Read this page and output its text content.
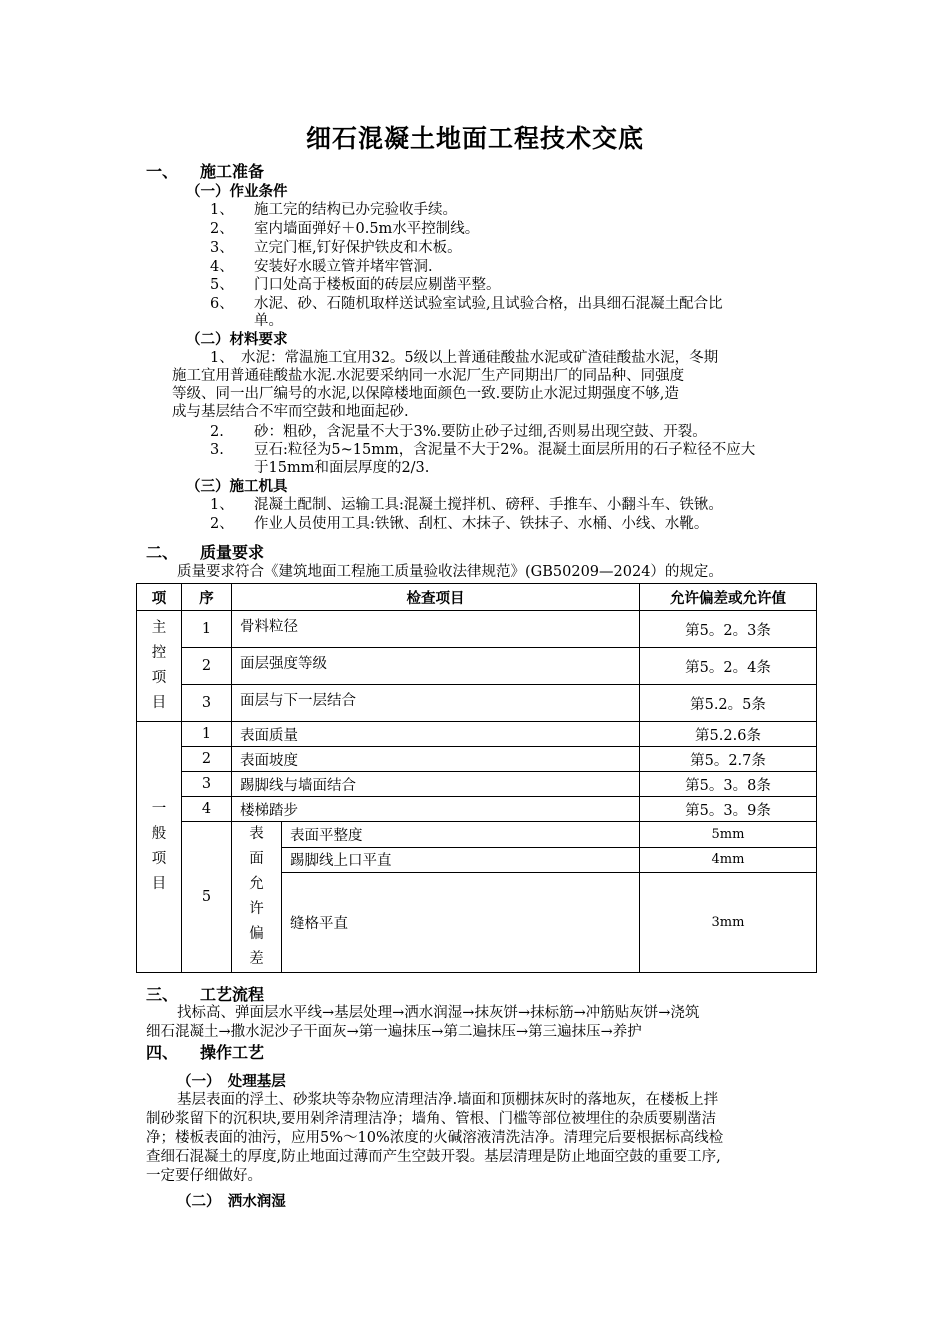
细石混凝土地面工程技术交底
一、 施工准备
（一）作业条件
1、 施工完的结构已办完验收手续。
2、 室内墙面弹好＋0.5m水平控制线。
3、 立完门框,钉好保护铁皮和木板。
4、 安装好水暖立管并堵牢管洞.
5、 门口处高于楼板面的砖层应剔凿平整。
6、 水泥、砂、石随机取样送试验室试验,且试验合格，出具细石混凝土配合比
单。
（二）材料要求
1、　水泥：常温施工宜用32。5级以上普通硅酸盐水泥或矿渣硅酸盐水泥，冬期
施工宜用普通硅酸盐水泥.水泥要采纳同一水泥厂生产同期出厂的同品种、同强度
等级、同一出厂编号的水泥,以保障楼地面颜色一致.要防止水泥过期强度不够,造
成与基层结合不牢而空鼓和地面起砂.
2. 砂：粗砂，含泥量不大于3%.要防止砂子过细,否则易出现空鼓、开裂。
3. 豆石:粒径为5~15mm，含泥量不大于2%。混凝土面层所用的石子粒径不应大
于15mm和面层厚度的2/3.
（三）施工机具
1、 混凝土配制、运输工具:混凝土搅拌机、磅秤、手推车、小翻斗车、铁锹。
2、 作业人员使用工具:铁锹、刮杠、木抹子、铁抹子、水桶、小线、水靴。
二、 质量要求
质量要求符合《建筑地面工程施工质量验收法律规范》(GB50209—2024）的规定。
项	序	检查项目		允许偏差或允许值

主控项目	1	骨料粒径		第5。2。3条
	2	面层强度等级		第5。2。4条
	3	面层与下一层结合		第5.2。5条

一般项目	1	表面质量		第5.2.6条
	2	表面坡度		第5。2.7条
	3	踢脚线与墙面结合		第5。3。8条
	4	楼梯踏步		第5。3。9条
	5	表面允许偏差	表面平整度	5mm
			踢脚线上口平直	4mm
			缝格平直	3mm
三、 工艺流程
找标高、弹面层水平线→基层处理→洒水润湿→抹灰饼→抹标筋→冲筋贴灰饼→浇筑
细石混凝土→撒水泥沙子干面灰→第一遍抹压→第二遍抹压→第三遍抹压→养护
四、 操作工艺
（一）　处理基层
基层表面的浮土、砂浆块等杂物应清理洁净.墙面和顶棚抹灰时的落地灰，在楼板上拌
制砂浆留下的沉积块,要用剁斧清理洁净；墙角、管根、门槛等部位被埋住的杂质要剔凿洁
净；楼板表面的油污，应用5%～10%浓度的火碱溶液清洗洁净。清理完后要根据标高线检
查细石混凝土的厚度,防止地面过薄而产生空鼓开裂。基层清理是防止地面空鼓的重要工序,
一定要仔细做好。
（二）　洒水润湿
